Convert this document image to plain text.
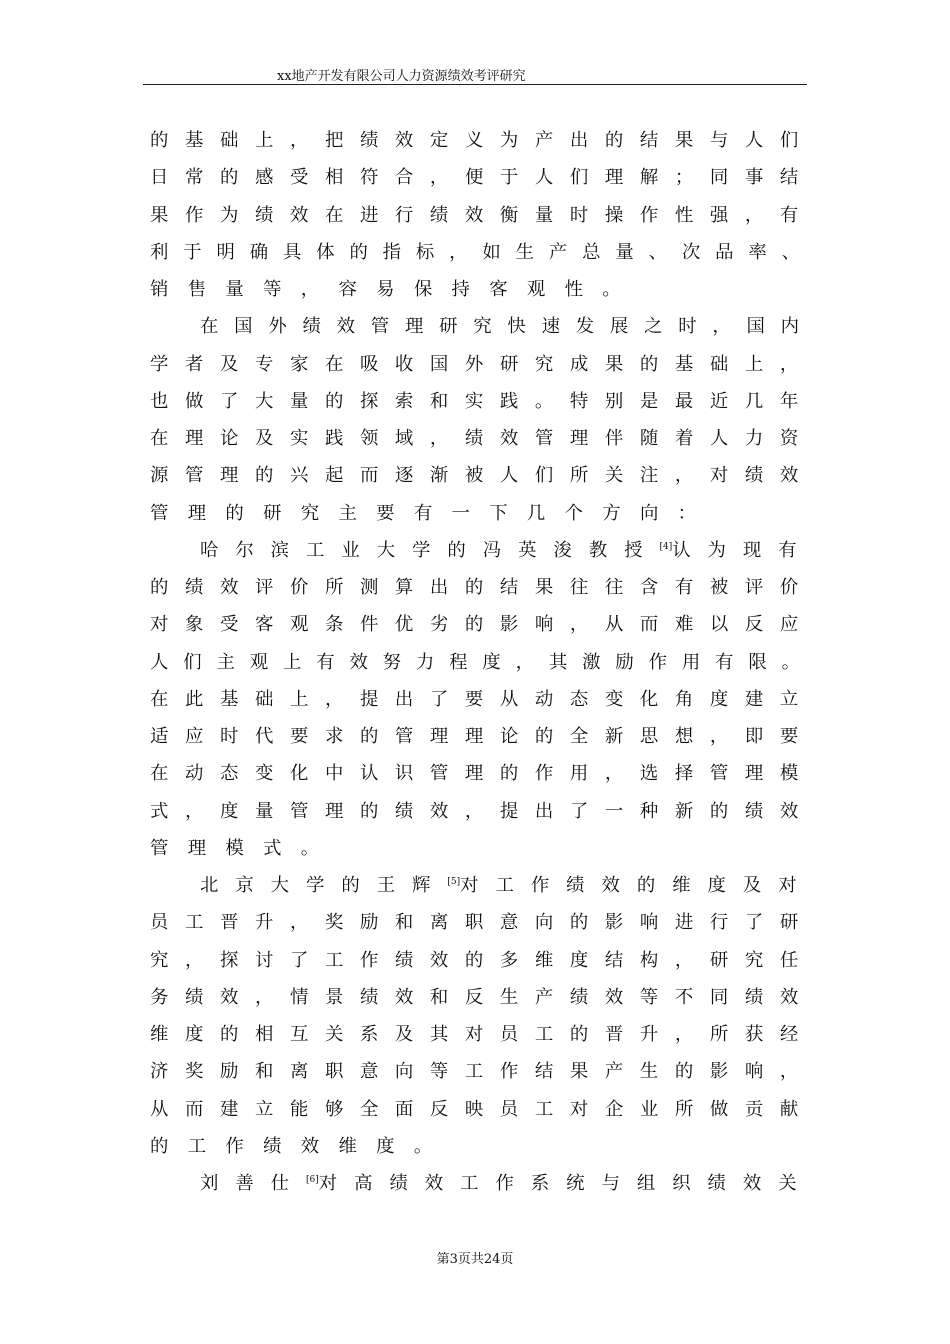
xx地产开发有限公司人力资源绩效考评研究
的基础上，把绩效定义为产出的结果与人们
日常的感受相符合，便于人们理解；同事结
果作为绩效在进行绩效衡量时操作性强，有
利于明确具体的指标，如生产总量、次品率、
销售量等，容易保持客观性。
在国外绩效管理研究快速发展之时，国内
学者及专家在吸收国外研究成果的基础上，
也做了大量的探索和实践。特别是最近几年
在理论及实践领域，绩效管理伴随着人力资
源管理的兴起而逐渐被人们所关注，对绩效
管理的研究主要有一下几个方向：
哈尔滨工业大学的冯英浚教授[4]认为现有
的绩效评价所测算出的结果往往含有被评价
对象受客观条件优劣的影响，从而难以反应
人们主观上有效努力程度，其激励作用有限。
在此基础上，提出了要从动态变化角度建立
适应时代要求的管理理论的全新思想，即要
在动态变化中认识管理的作用，选择管理模
式，度量管理的绩效，提出了一种新的绩效
管理模式。
北京大学的王辉[5]对工作绩效的维度及对
员工晋升，奖励和离职意向的影响进行了研
究，探讨了工作绩效的多维度结构，研究任
务绩效，情景绩效和反生产绩效等不同绩效
维度的相互关系及其对员工的晋升，所获经
济奖励和离职意向等工作结果产生的影响，
从而建立能够全面反映员工对企业所做贡献
的工作绩效维度。
刘善仕[6]对高绩效工作系统与组织绩效关
第3页共24页
